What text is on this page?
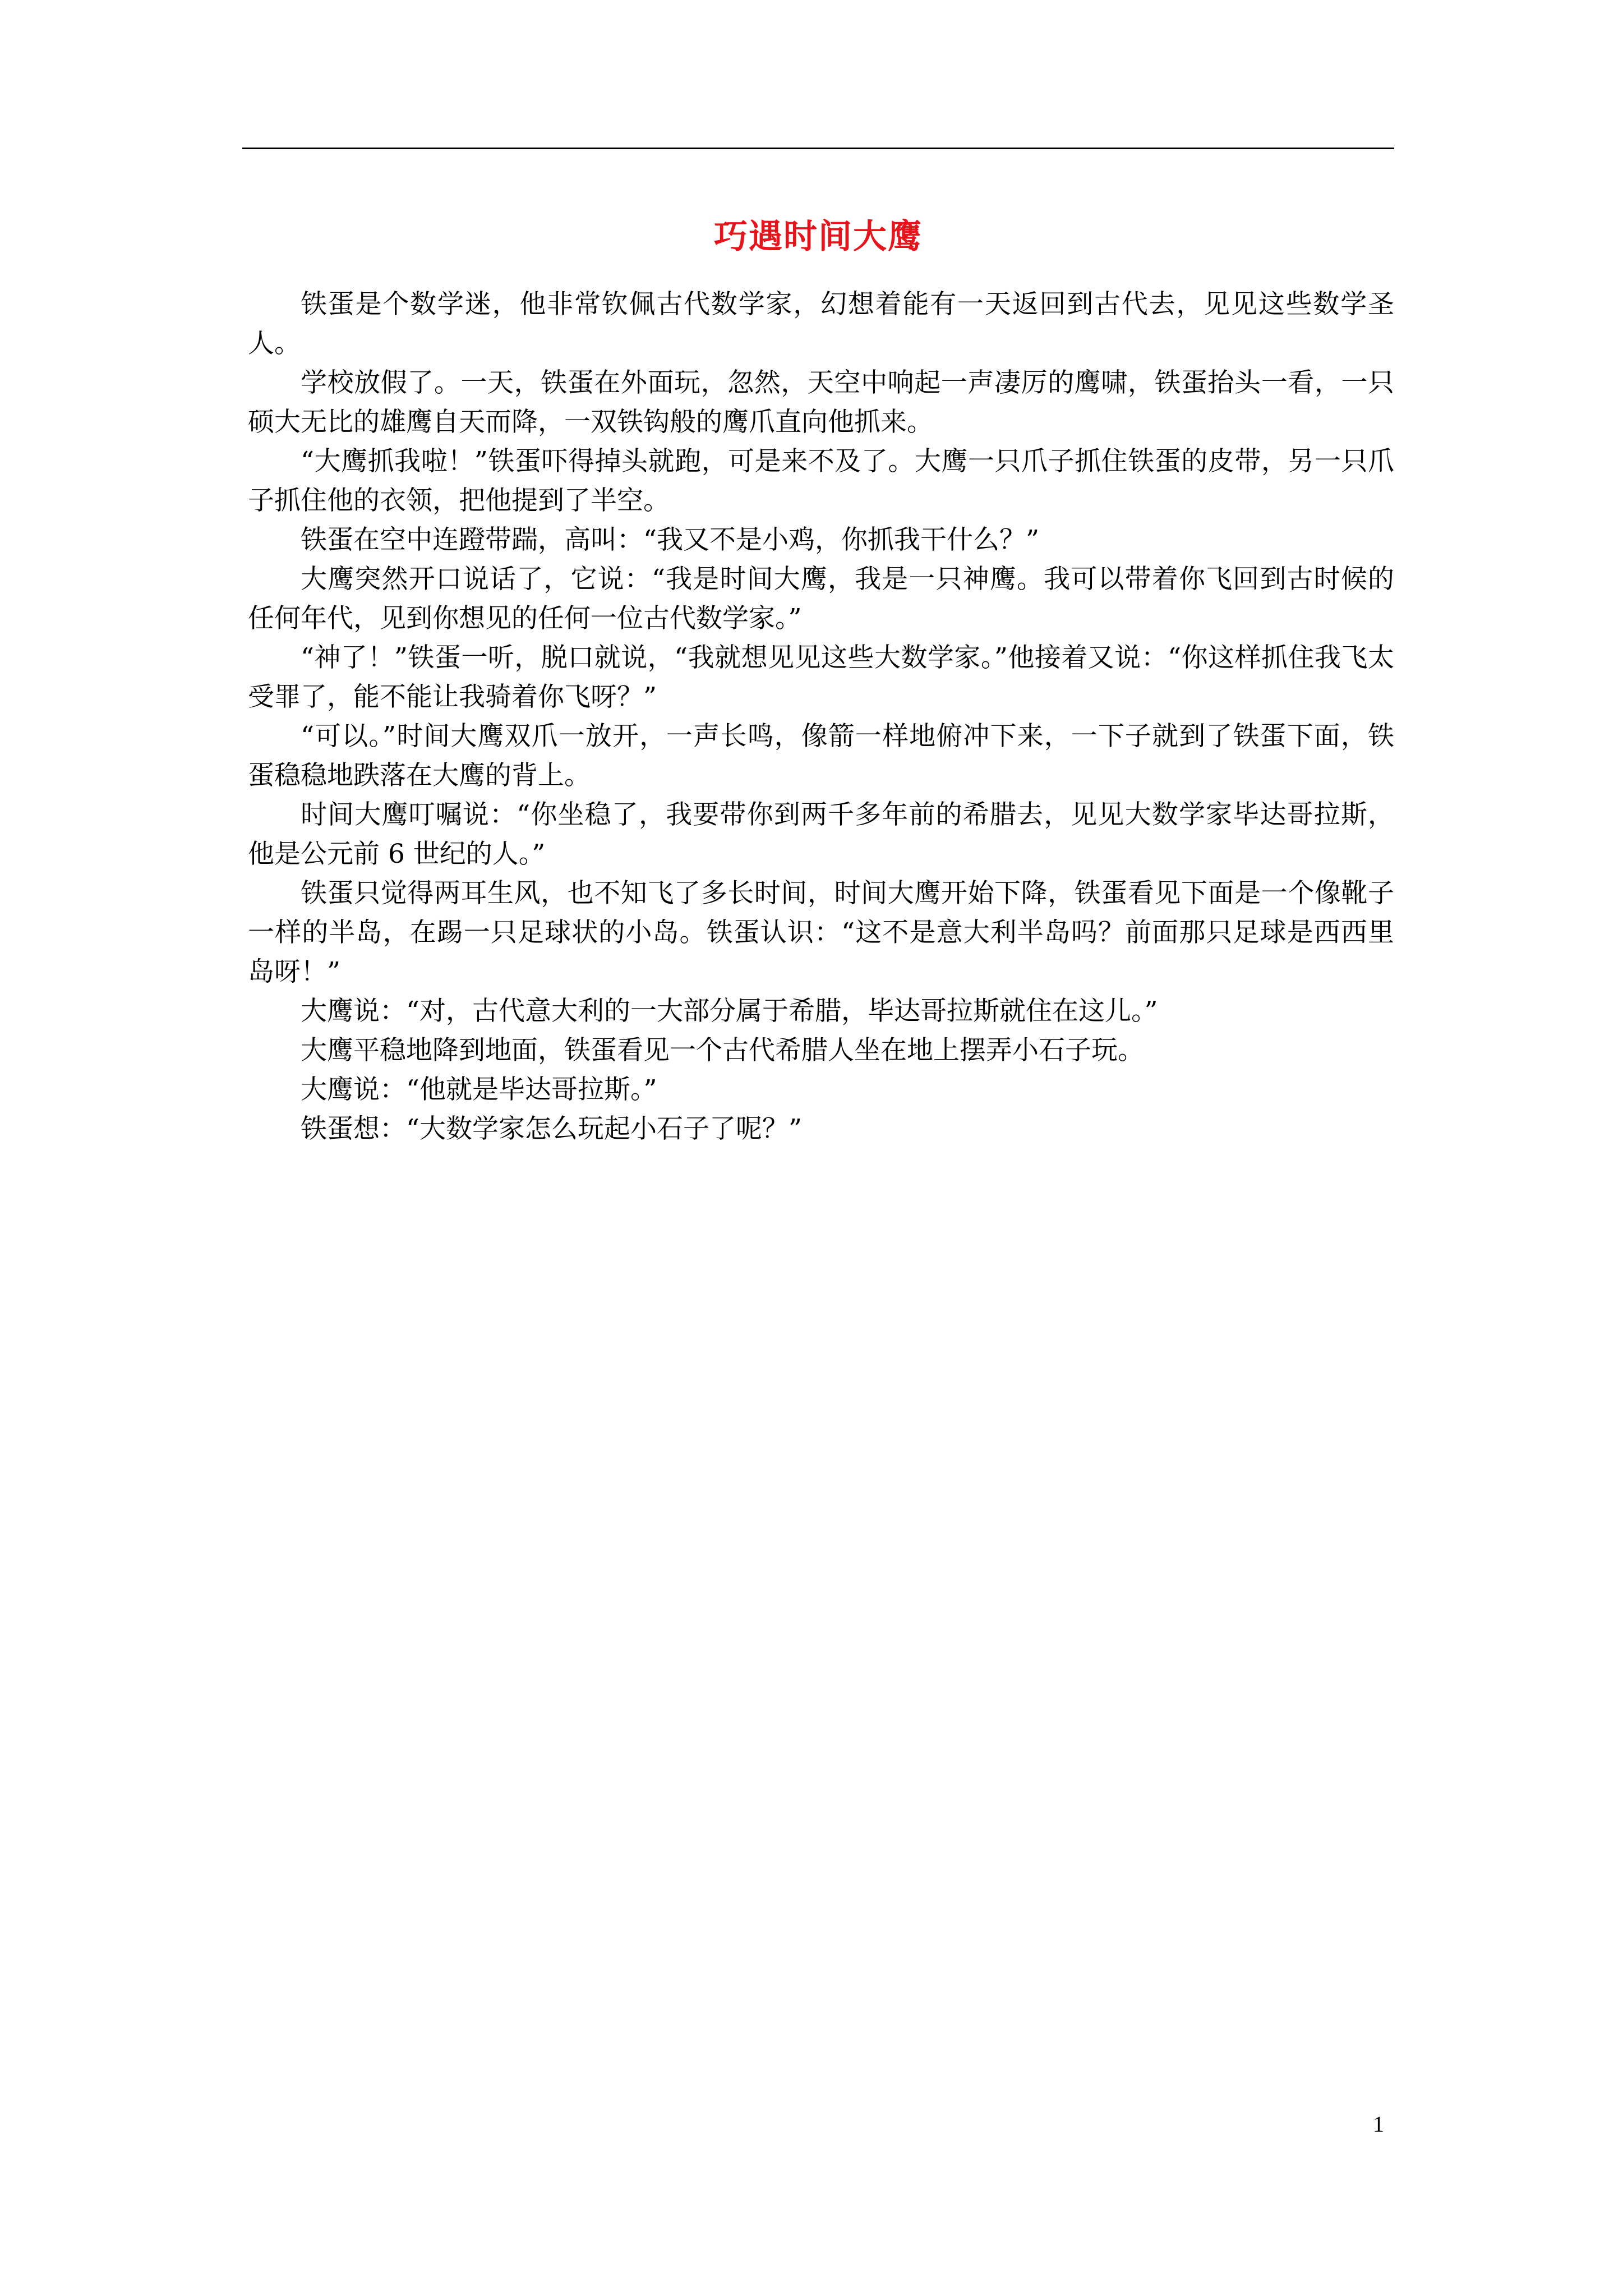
巧遇时间大鹰

铁蛋是个数学迷，他非常钦佩古代数学家，幻想着能有一天返回到古代去，见见这些数学圣人。

学校放假了。一天，铁蛋在外面玩，忽然，天空中响起一声凄厉的鹰啸，铁蛋抬头一看，一只硕大无比的雄鹰自天而降，一双铁钩般的鹰爪直向他抓来。

“大鹰抓我啦！”铁蛋吓得掉头就跑，可是来不及了。大鹰一只爪子抓住铁蛋的皮带，另一只爪子抓住他的衣领，把他提到了半空。

铁蛋在空中连蹬带踹，高叫：“我又不是小鸡，你抓我干什么？”

大鹰突然开口说话了，它说：“我是时间大鹰，我是一只神鹰。我可以带着你飞回到古时候的任何年代，见到你想见的任何一位古代数学家。”

“神了！”铁蛋一听，脱口就说，“我就想见见这些大数学家。”他接着又说：“你这样抓住我飞太受罪了，能不能让我骑着你飞呀？”

“可以。”时间大鹰双爪一放开，一声长鸣，像箭一样地俯冲下来，一下子就到了铁蛋下面，铁蛋稳稳地跌落在大鹰的背上。

时间大鹰叮嘱说：“你坐稳了，我要带你到两千多年前的希腊去，见见大数学家毕达哥拉斯，他是公元前 6 世纪的人。”

铁蛋只觉得两耳生风，也不知飞了多长时间，时间大鹰开始下降，铁蛋看见下面是一个像靴子一样的半岛，在踢一只足球状的小岛。铁蛋认识：“这不是意大利半岛吗？前面那只足球是西西里岛呀！”

大鹰说：“对，古代意大利的一大部分属于希腊，毕达哥拉斯就住在这儿。”

大鹰平稳地降到地面，铁蛋看见一个古代希腊人坐在地上摆弄小石子玩。

大鹰说：“他就是毕达哥拉斯。”

铁蛋想：“大数学家怎么玩起小石子了呢？”

1
